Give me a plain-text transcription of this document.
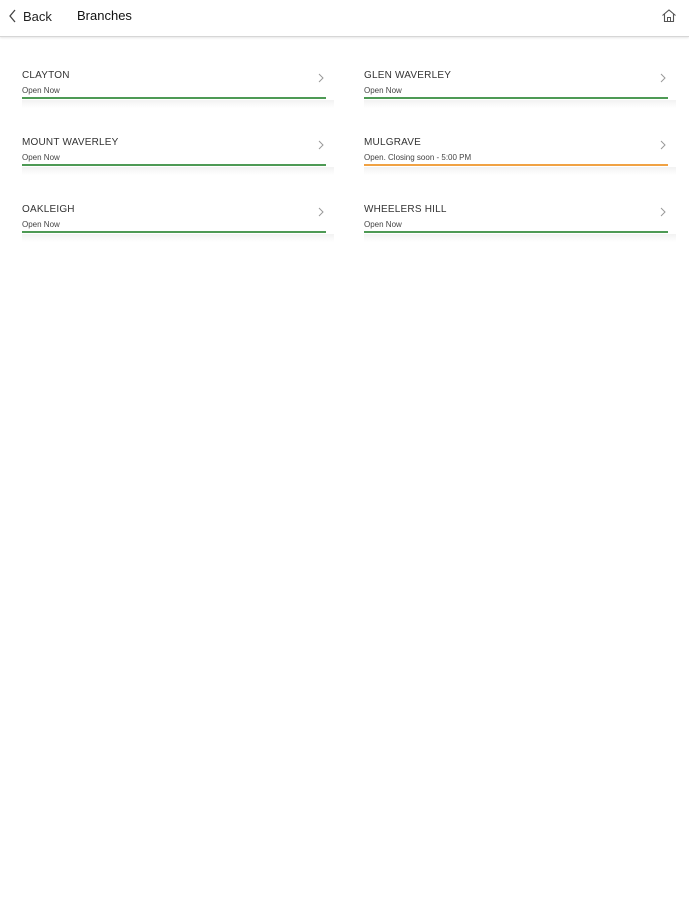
Back Branches
CLAYTON
Open Now
GLEN WAVERLEY
Open Now
MOUNT WAVERLEY
Open Now
MULGRAVE
Open. Closing soon - 5:00 PM
OAKLEIGH
Open Now
WHEELERS HILL
Open Now
